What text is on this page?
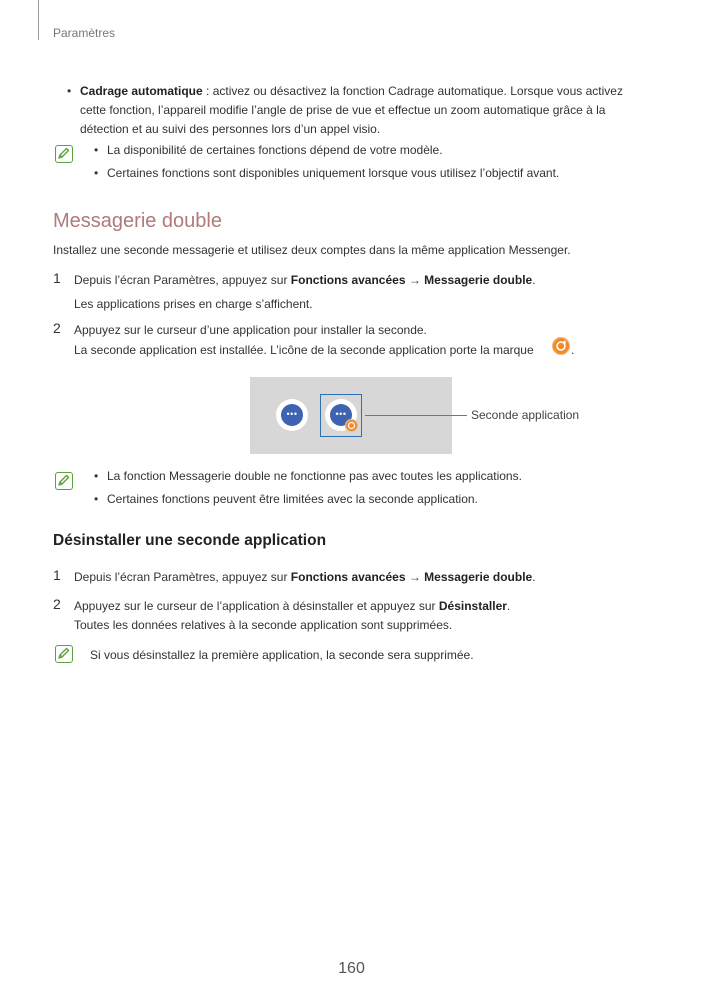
Paramètres
• Cadrage automatique : activez ou désactivez la fonction Cadrage automatique. Lorsque vous activez
cette fonction, l’appareil modifie l’angle de prise de vue et effectue un zoom automatique grâce à la
détection et au suivi des personnes lors d’un appel visio.
• La disponibilité de certaines fonctions dépend de votre modèle.
• Certaines fonctions sont disponibles uniquement lorsque vous utilisez l’objectif avant.
Messagerie double
Installez une seconde messagerie et utilisez deux comptes dans la même application Messenger.
1 Depuis l’écran Paramètres, appuyez sur Fonctions avancées → Messagerie double.
Les applications prises en charge s’affichent.
2 Appuyez sur le curseur d’une application pour installer la seconde.
La seconde application est installée. L’icône de la seconde application porte la marque	.
•••	•••	Seconde application
• La fonction Messagerie double ne fonctionne pas avec toutes les applications.
• Certaines fonctions peuvent être limitées avec la seconde application.
Désinstaller une seconde application
1 Depuis l’écran Paramètres, appuyez sur Fonctions avancées → Messagerie double.
2 Appuyez sur le curseur de l’application à désinstaller et appuyez sur Désinstaller.
Toutes les données relatives à la seconde application sont supprimées.
Si vous désinstallez la première application, la seconde sera supprimée.
160
